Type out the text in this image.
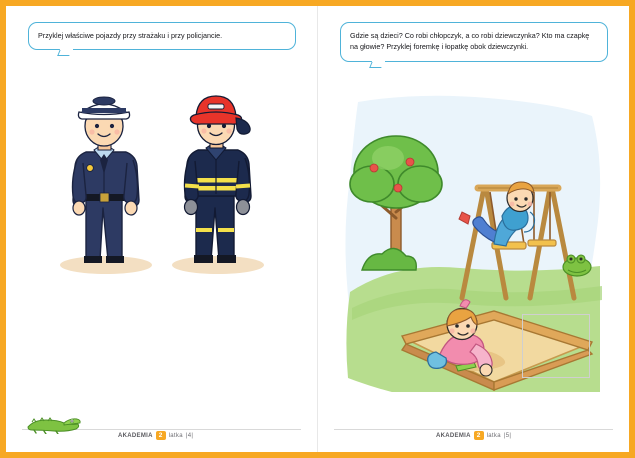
Przyklej właściwe pojazdy przy strażaku i przy policjancie.
AKADEMIA 2	latka |4|
Gdzie są dzieci? Co robi chłopczyk, a co robi dziewczynka? Kto ma czapkę na głowie? Przyklej foremkę i łopatkę obok dziewczynki.
AKADEMIA 2	latka |5|
